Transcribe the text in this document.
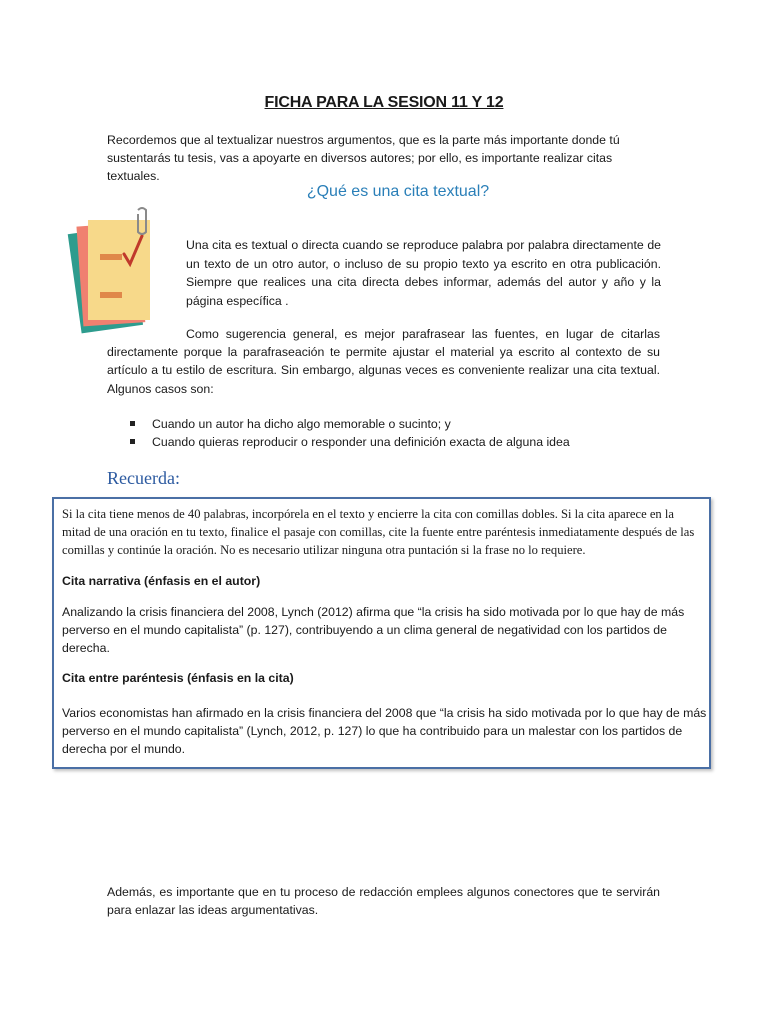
FICHA PARA LA SESION 11 Y 12

Recordemos que al textualizar nuestros argumentos, que es la parte más importante donde tú sustentarás tu tesis, vas a apoyarte en diversos autores; por ello, es importante realizar citas textuales.

¿Qué es una cita textual?

Una cita es textual o directa cuando se reproduce palabra por palabra directamente de un texto de un otro autor, o incluso de su propio texto ya escrito en otra publicación. Siempre que realices una cita directa debes informar, además del autor y año y la página específica .

Como sugerencia general, es mejor parafrasear las fuentes, en lugar de citarlas directamente porque la parafraseación te permite ajustar el material ya escrito al contexto de su artículo a tu estilo de escritura. Sin embargo, algunas veces es conveniente realizar una cita textual. Algunos casos son:

Cuando un autor ha dicho algo memorable o sucinto; y
Cuando quieras reproducir o responder una definición exacta de alguna idea
Recuerda:

Si la cita tiene menos de 40 palabras, incorpórela en el texto y encierre la cita con comillas dobles. Si la cita aparece en la mitad de una oración en tu texto, finalice el pasaje con comillas, cite la fuente entre paréntesis inmediatamente después de las comillas y continúe la oración. No es necesario utilizar ninguna otra puntación si la frase no lo requiere.

Cita narrativa (énfasis en el autor)

Analizando la crisis financiera del 2008, Lynch (2012) afirma que “la crisis ha sido motivada por lo que hay de más perverso en el mundo capitalista” (p. 127), contribuyendo a un clima general de negatividad con los partidos de derecha.

Cita entre paréntesis (énfasis en la cita)

Varios economistas han afirmado en la crisis financiera del 2008 que “la crisis ha sido motivada por lo que hay de más perverso en el mundo capitalista” (Lynch, 2012, p. 127) lo que ha contribuido para un malestar con los partidos de derecha por el mundo.

Además, es importante que en tu proceso de redacción emplees algunos conectores que te servirán para enlazar las ideas argumentativas.
